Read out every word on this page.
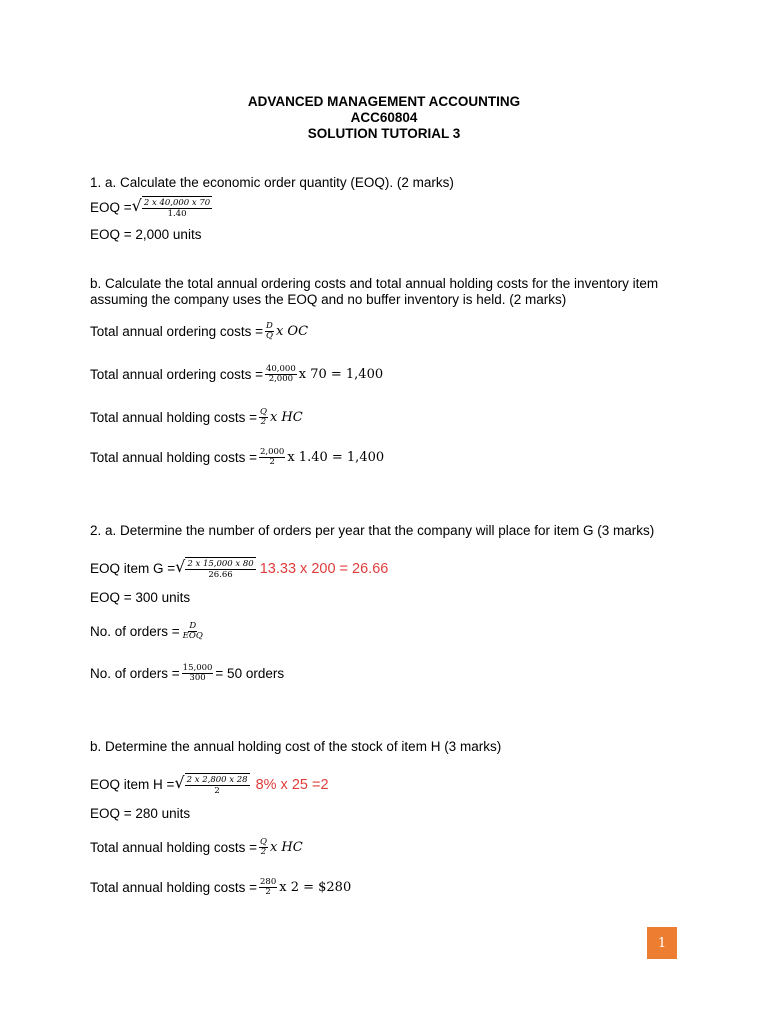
ADVANCED MANAGEMENT ACCOUNTING
ACC60804
SOLUTION TUTORIAL 3
1. a. Calculate the economic order quantity (EOQ). (2 marks)
EOQ = √ $\frac{2 x 40,000 x 70}{1.40}$
EOQ = 2,000 units
b. Calculate the total annual ordering costs and total annual holding costs for the inventory item
assuming the company uses the EOQ and no buffer inventory is held. (2 marks)
Total annual ordering costs = $\frac{D}{Q}$ x OC
Total annual ordering costs = $\frac{40,000}{2,000}$ x 70 = 1,400
Total annual holding costs = $\frac{Q}{2}$ x HC
Total annual holding costs = $\frac{2,000}{2}$ x 1.40 = 1,400
2. a. Determine the number of orders per year that the company will place for item G (3 marks)
EOQ item G = √ $\frac{2 x 15,000 x 80}{26.66} 13.33$ x 200 = 26.66
EOQ = 300 units
No. of orders = $\frac{D}{\text{EOQ}}$
No. of orders = $\frac{15,000}{300} = 50$ orders
b. Determine the annual holding cost of the stock of item H (3 marks)
EOQ item H = √ $\frac{2 x 2,800 x 28}{2} 8\%$ x 25 =2
EOQ = 280 units
Total annual holding costs = $\frac{Q}{2}$ x HC
Total annual holding costs = $\frac{280}{2}$ x 2 = $280
1
